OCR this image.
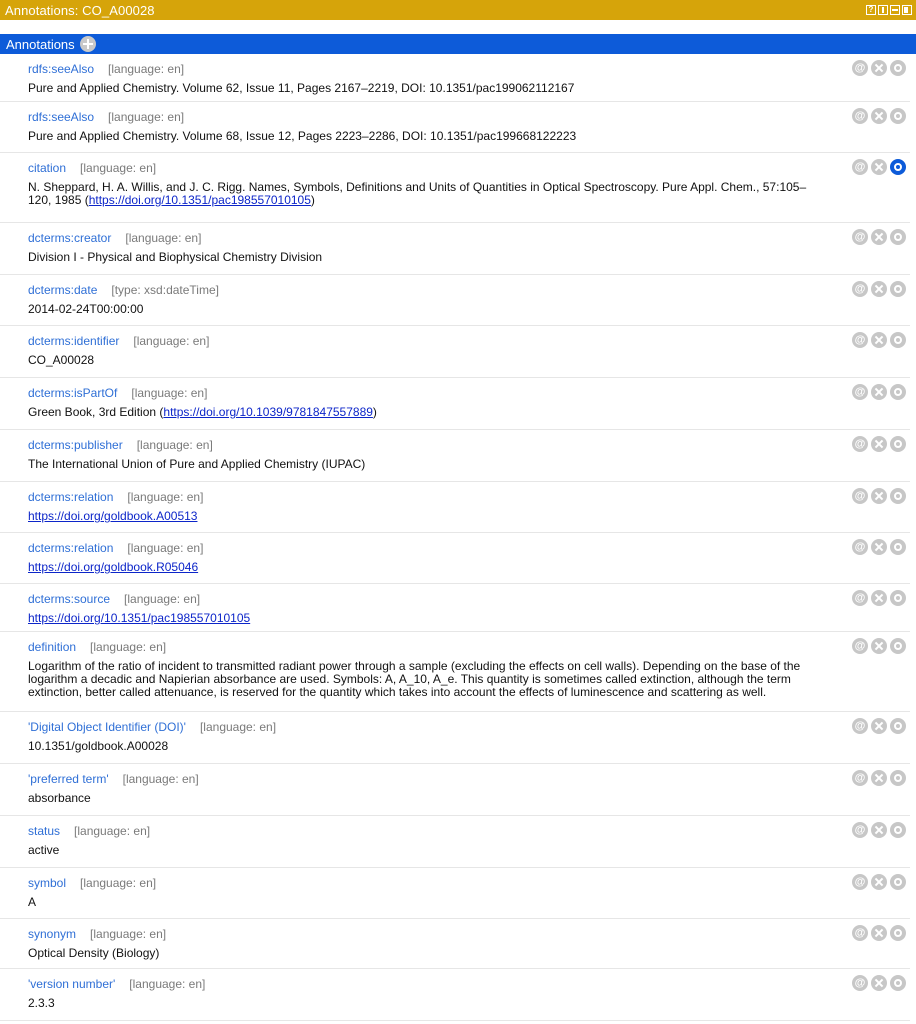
Annotations: CO_A00028	?
Annotations
rdfs:seeAlso [language: en]
Pure and Applied Chemistry. Volume 62, Issue 11, Pages 2167–2219, DOI: 10.1351/pac199062112167
@
rdfs:seeAlso [language: en]
Pure and Applied Chemistry. Volume 68, Issue 12, Pages 2223–2286, DOI: 10.1351/pac199668122223
@
citation [language: en]
N. Sheppard, H. A. Willis, and J. C. Rigg. Names, Symbols, Definitions and Units of Quantities in Optical Spectroscopy. Pure Appl. Chem., 57:105–120, 1985 (https://doi.org/10.1351/pac198557010105)
@
dcterms:creator [language: en]
Division I - Physical and Biophysical Chemistry Division
@
dcterms:date [type: xsd:dateTime]
2014-02-24T00:00:00
@
dcterms:identifier [language: en]
CO_A00028
@
dcterms:isPartOf [language: en]
Green Book, 3rd Edition (https://doi.org/10.1039/9781847557889)
@
dcterms:publisher [language: en]
The International Union of Pure and Applied Chemistry (IUPAC)
@
dcterms:relation [language: en]
https://doi.org/goldbook.A00513
@
dcterms:relation [language: en]
https://doi.org/goldbook.R05046
@
dcterms:source [language: en]
https://doi.org/10.1351/pac198557010105
@
definition [language: en]
Logarithm of the ratio of incident to transmitted radiant power through a sample (excluding the effects on cell walls). Depending on the base of the logarithm a decadic and Napierian absorbance are used. Symbols: A, A_10, A_e. This quantity is sometimes called extinction, although the term extinction, better called attenuance, is reserved for the quantity which takes into account the effects of luminescence and scattering as well.
@
'Digital Object Identifier (DOI)' [language: en]
10.1351/goldbook.A00028
@
'preferred term' [language: en]
absorbance
@
status [language: en]
active
@
symbol [language: en]
A
@
synonym [language: en]
Optical Density (Biology)
@
'version number' [language: en]
2.3.3
@
